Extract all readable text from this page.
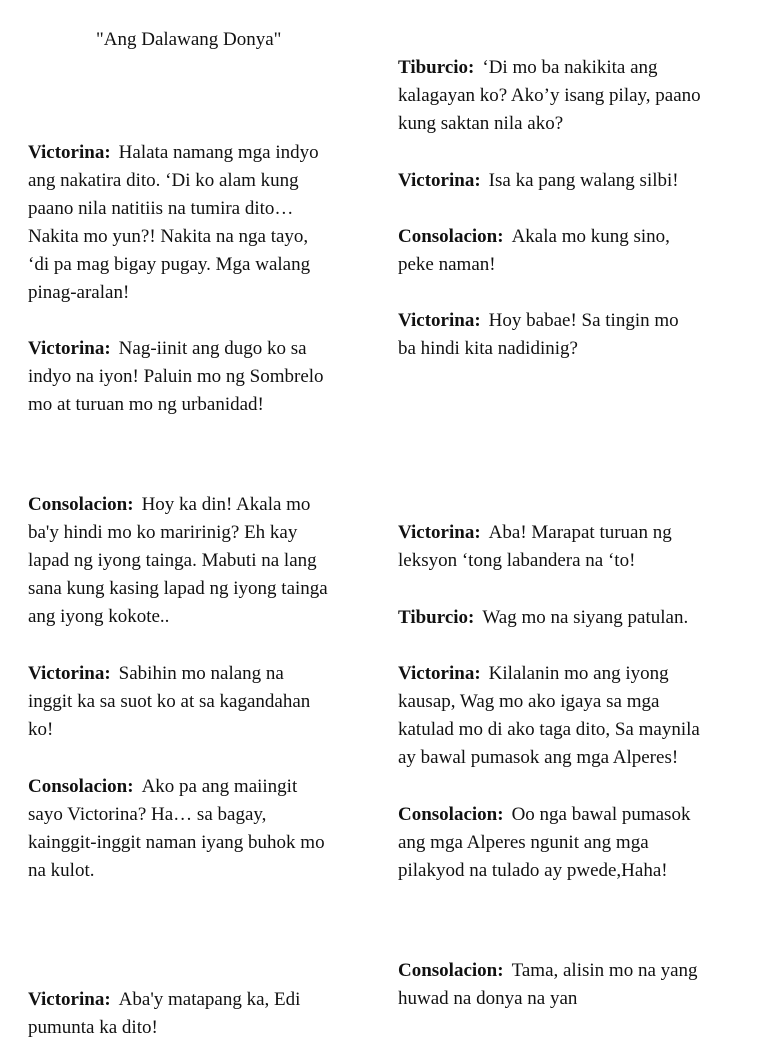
"Ang Dalawang Donya"
Victorina: Halata namang mga indyo
ang nakatira dito. ‘Di ko alam kung
paano nila natitiis na tumira dito…
Nakita mo yun?! Nakita na nga tayo,
‘di pa mag bigay pugay. Mga walang
pinag-aralan!
Victorina: Nag-iinit ang dugo ko sa
indyo na iyon! Paluin mo ng Sombrelo
mo at turuan mo ng urbanidad!
Consolacion: Hoy ka din! Akala mo
ba'y hindi mo ko maririnig? Eh kay
lapad ng iyong tainga. Mabuti na lang
sana kung kasing lapad ng iyong tainga
ang iyong kokote..
Victorina: Sabihin mo nalang na
inggit ka sa suot ko at sa kagandahan
ko!
Consolacion: Ako pa ang maiingit
sayo Victorina? Ha… sa bagay,
kainggit-inggit naman iyang buhok mo
na kulot.
Victorina: Aba'y matapang ka, Edi
pumunta ka dito!
Tiburcio: ‘Di mo ba nakikita ang
kalagayan ko? Ako’y isang pilay, paano
kung saktan nila ako?
Victorina: Isa ka pang walang silbi!
Consolacion: Akala mo kung sino,
peke naman!
Victorina: Hoy babae! Sa tingin mo
ba hindi kita nadidinig?
Victorina: Aba! Marapat turuan ng
leksyon ‘tong labandera na ‘to!
Tiburcio: Wag mo na siyang patulan.
Victorina: Kilalanin mo ang iyong
kausap, Wag mo ako igaya sa mga
katulad mo di ako taga dito, Sa maynila
ay bawal pumasok ang mga Alperes!
Consolacion: Oo nga bawal pumasok
ang mga Alperes ngunit ang mga
pilakyod na tulado ay pwede,Haha!
Consolacion: Tama, alisin mo na yang
huwad na donya na yan
